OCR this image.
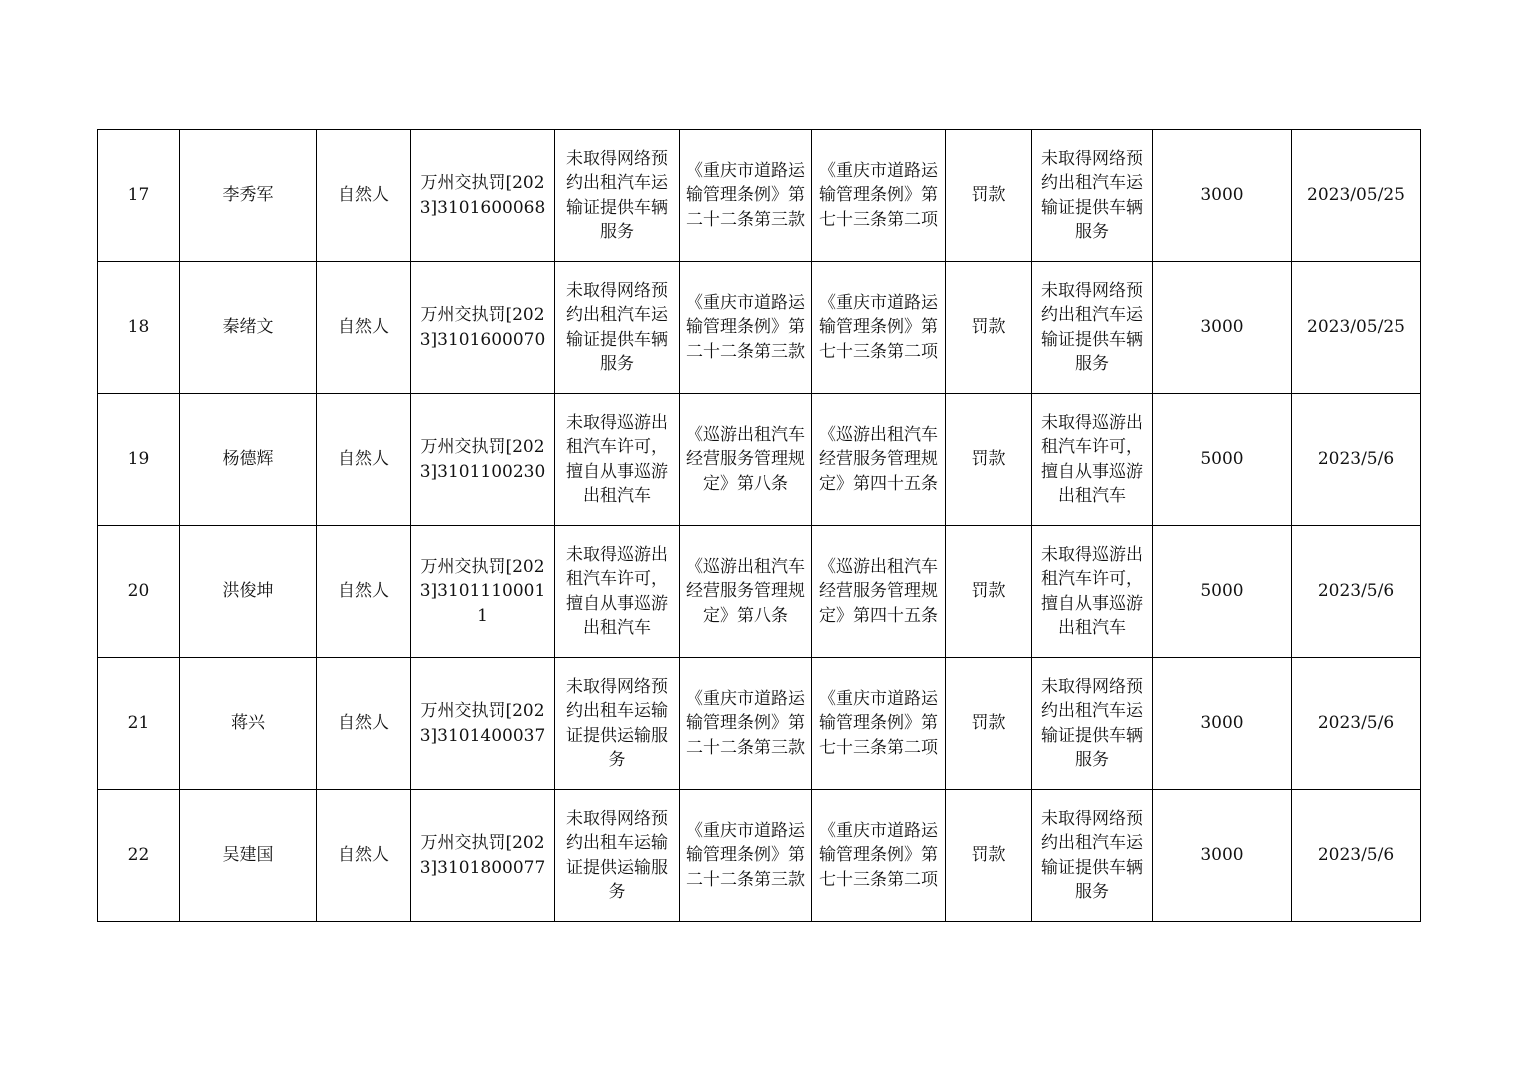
17	李秀军	自然人	万州交执罚[2023]3101600068	未取得网络预约出租汽车运输证提供车辆服务	《重庆市道路运输管理条例》第二十二条第三款	《重庆市道路运输管理条例》第七十三条第二项	罚款	未取得网络预约出租汽车运输证提供车辆服务	3000	2023/05/25
18	秦绪文	自然人	万州交执罚[2023]3101600070	未取得网络预约出租汽车运输证提供车辆服务	《重庆市道路运输管理条例》第二十二条第三款	《重庆市道路运输管理条例》第七十三条第二项	罚款	未取得网络预约出租汽车运输证提供车辆服务	3000	2023/05/25
19	杨德辉	自然人	万州交执罚[2023]3101100230	未取得巡游出租汽车许可，擅自从事巡游出租汽车	《巡游出租汽车经营服务管理规定》第八条	《巡游出租汽车经营服务管理规定》第四十五条	罚款	未取得巡游出租汽车许可，擅自从事巡游出租汽车	5000	2023/5/6
20	洪俊坤	自然人	万州交执罚[2023]31011100011	未取得巡游出租汽车许可，擅自从事巡游出租汽车	《巡游出租汽车经营服务管理规定》第八条	《巡游出租汽车经营服务管理规定》第四十五条	罚款	未取得巡游出租汽车许可，擅自从事巡游出租汽车	5000	2023/5/6
21	蒋兴	自然人	万州交执罚[2023]3101400037	未取得网络预约出租车运输证提供运输服务	《重庆市道路运输管理条例》第二十二条第三款	《重庆市道路运输管理条例》第七十三条第二项	罚款	未取得网络预约出租汽车运输证提供车辆服务	3000	2023/5/6
22	吴建国	自然人	万州交执罚[2023]3101800077	未取得网络预约出租车运输证提供运输服务	《重庆市道路运输管理条例》第二十二条第三款	《重庆市道路运输管理条例》第七十三条第二项	罚款	未取得网络预约出租汽车运输证提供车辆服务	3000	2023/5/6
